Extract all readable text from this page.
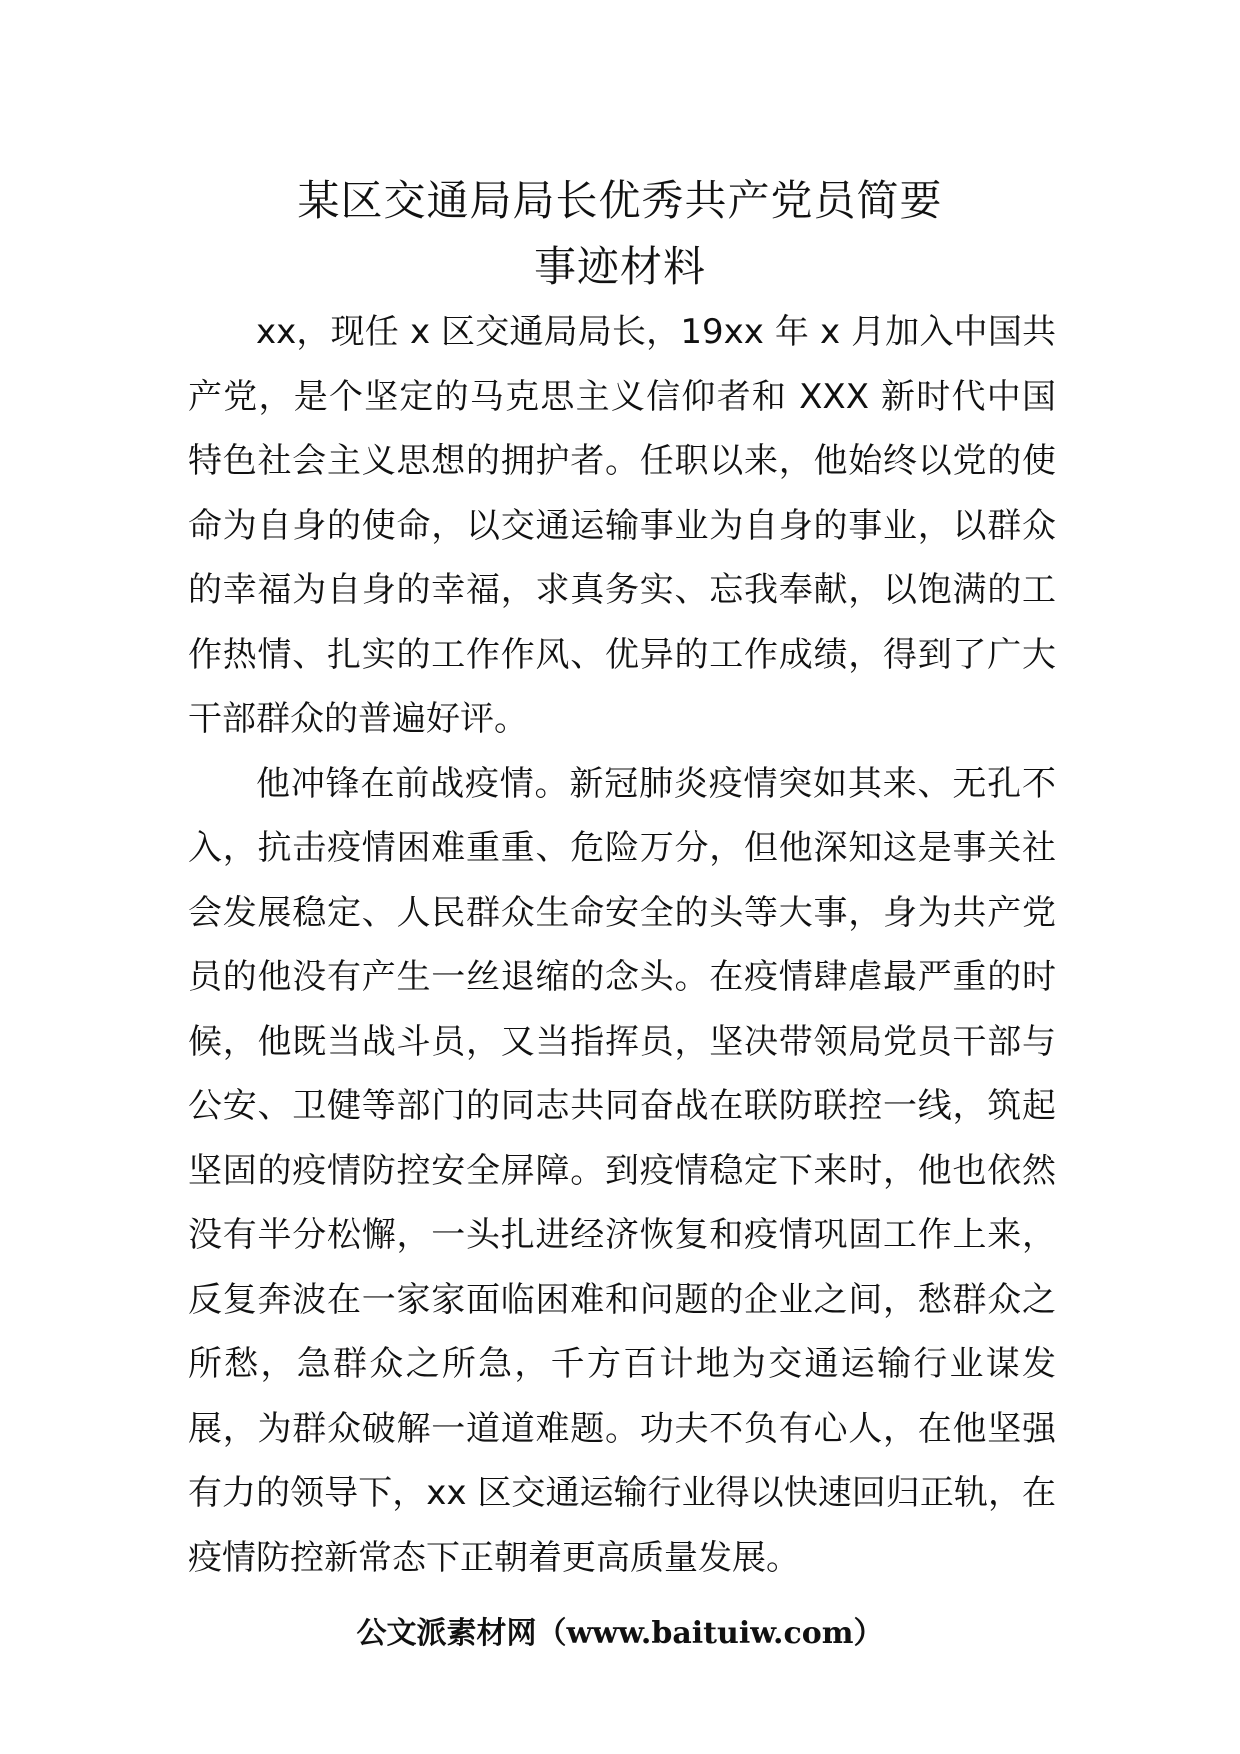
某区交通局局长优秀共产党员简要
事迹材料

xx，现任 x 区交通局局长，19xx 年 x 月加入中国共产党，是个坚定的马克思主义信仰者和 XXX 新时代中国特色社会主义思想的拥护者。任职以来，他始终以党的使命为自身的使命，以交通运输事业为自身的事业，以群众的幸福为自身的幸福，求真务实、忘我奉献，以饱满的工作热情、扎实的工作作风、优异的工作成绩，得到了广大干部群众的普遍好评。

他冲锋在前战疫情。新冠肺炎疫情突如其来、无孔不入，抗击疫情困难重重、危险万分，但他深知这是事关社会发展稳定、人民群众生命安全的头等大事，身为共产党员的他没有产生一丝退缩的念头。在疫情肆虐最严重的时候，他既当战斗员，又当指挥员，坚决带领局党员干部与公安、卫健等部门的同志共同奋战在联防联控一线，筑起坚固的疫情防控安全屏障。到疫情稳定下来时，他也依然没有半分松懈，一头扎进经济恢复和疫情巩固工作上来，反复奔波在一家家面临困难和问题的企业之间，愁群众之所愁，急群众之所急，千方百计地为交通运输行业谋发展，为群众破解一道道难题。功夫不负有心人，在他坚强有力的领导下，xx 区交通运输行业得以快速回归正轨，在疫情防控新常态下正朝着更高质量发展。

公文派素材网（www.baituiw.com）
